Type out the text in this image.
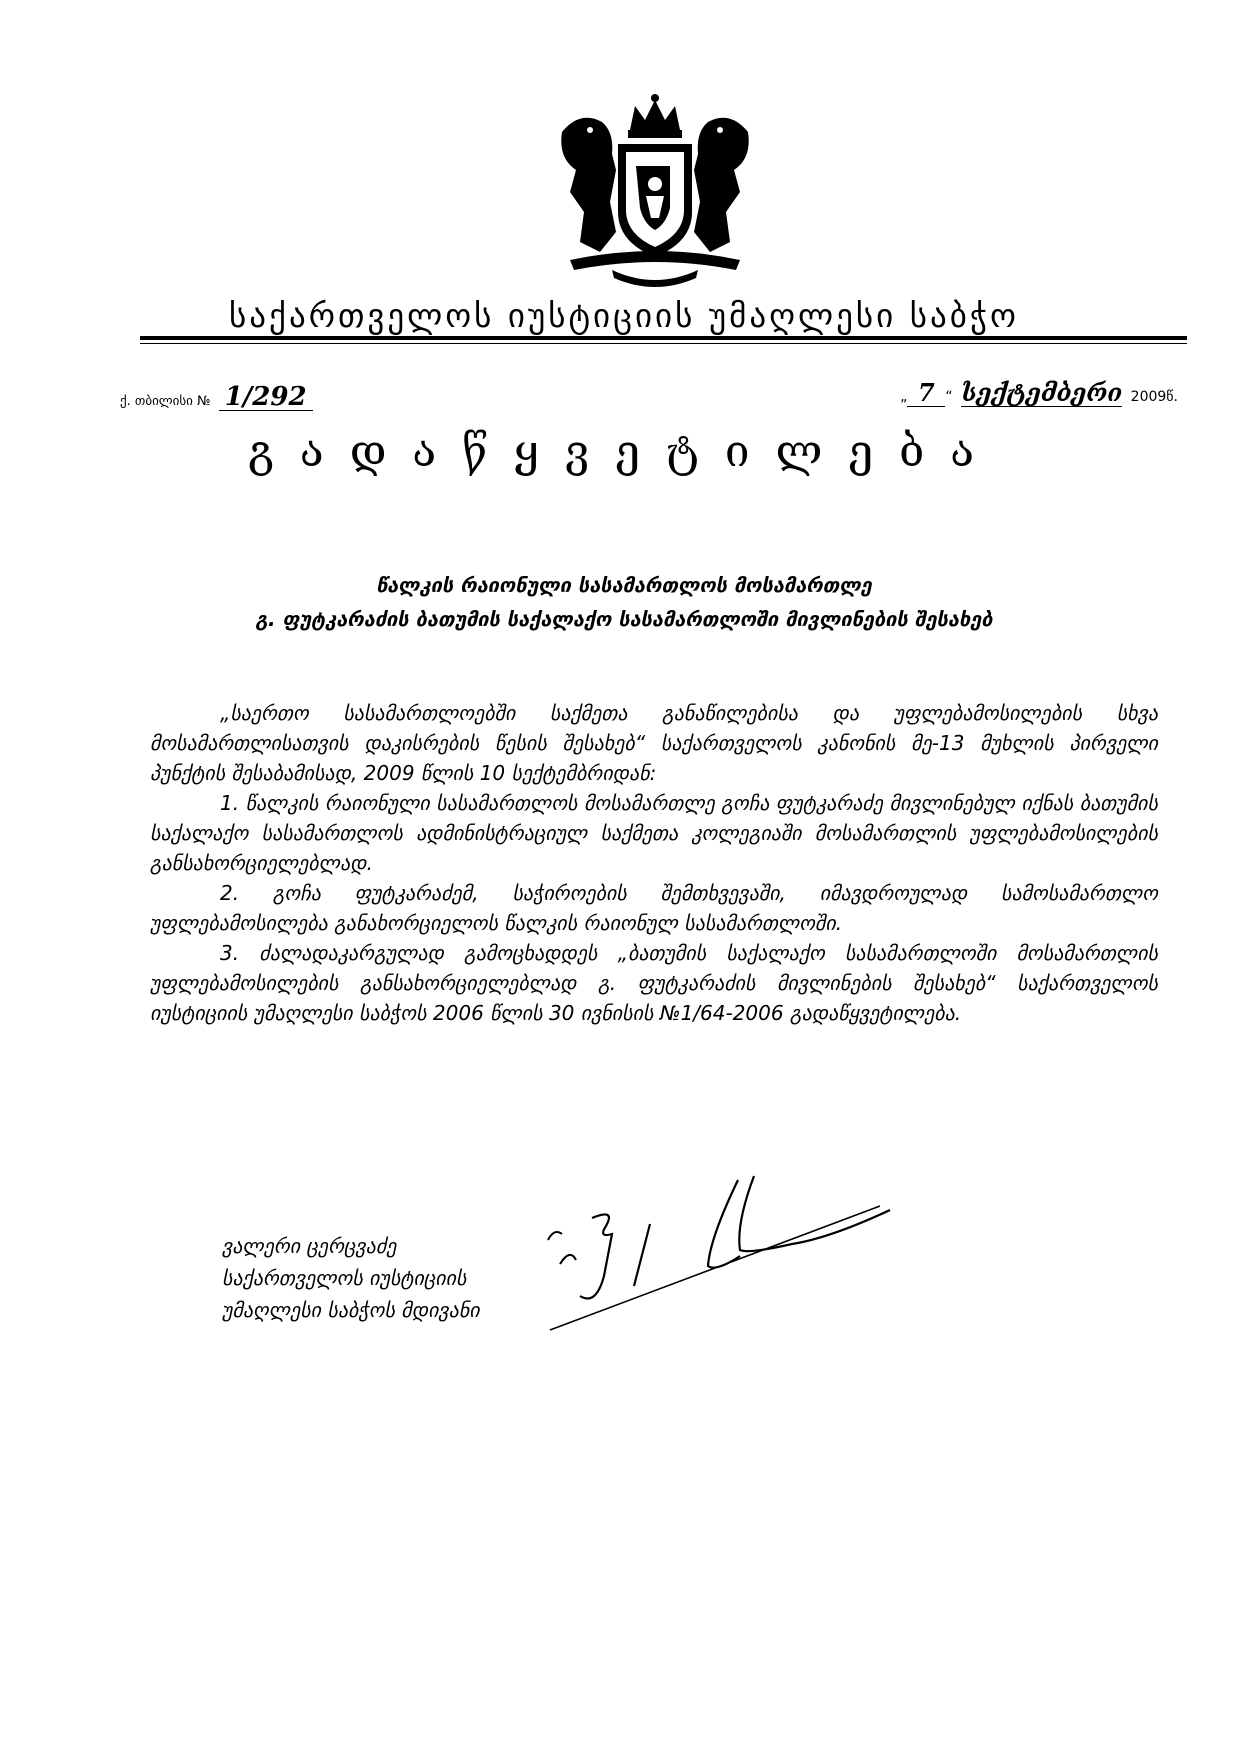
საქართველოს იუსტიციის უმაღლესი საბჭო
ქ. თბილისი № 1/292	„ 7 “ სექტემბერი 2009წ.
გადაწყვეტილება
წალკის რაიონული სასამართლოს მოსამართლე
გ. ფუტკარაძის ბათუმის საქალაქო სასამართლოში მივლინების შესახებ

„საერთო სასამართლოებში საქმეთა განაწილებისა და უფლებამოსილების სხვა მოსამართლისათვის დაკისრების წესის შესახებ“ საქართველოს კანონის მე-13 მუხლის პირველი პუნქტის შესაბამისად, 2009 წლის 10 სექტემბრიდან:

1. წალკის რაიონული სასამართლოს მოსამართლე გოჩა ფუტკარაძე მივლინებულ იქნას ბათუმის საქალაქო სასამართლოს ადმინისტრაციულ საქმეთა კოლეგიაში მოსამართლის უფლებამოსილების განსახორციელებლად.

2. გოჩა ფუტკარაძემ, საჭიროების შემთხვევაში, იმავდროულად სამოსამართლო უფლებამოსილება განახორციელოს წალკის რაიონულ სასამართლოში.

3. ძალადაკარგულად გამოცხადდეს „ბათუმის საქალაქო სასამართლოში მოსამართლის უფლებამოსილების განსახორციელებლად გ. ფუტკარაძის მივლინების შესახებ“ საქართველოს იუსტიციის უმაღლესი საბჭოს 2006 წლის 30 ივნისის №1/64-2006 გადაწყვეტილება.

ვალერი ცერცვაძე
საქართველოს იუსტიციის
უმაღლესი საბჭოს მდივანი
